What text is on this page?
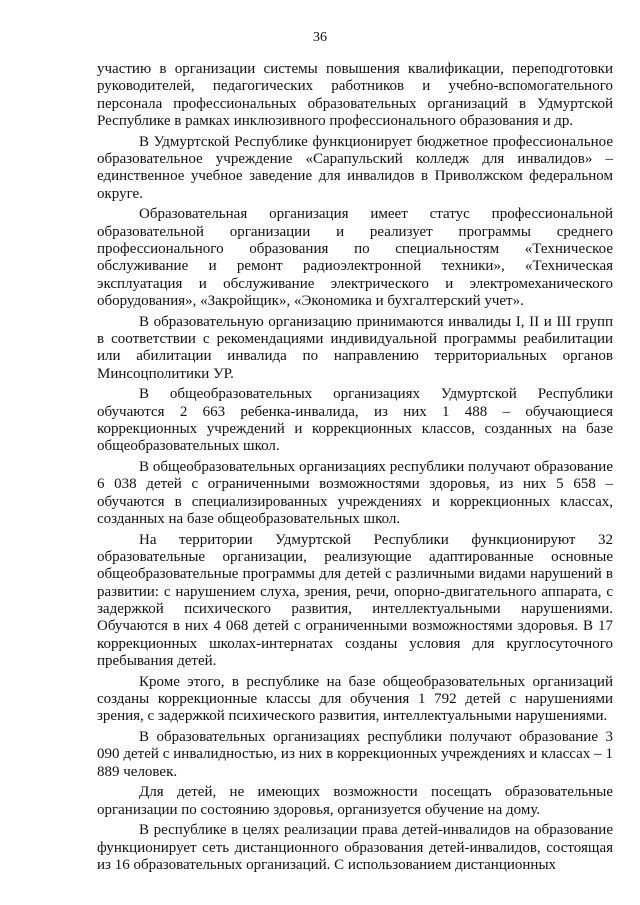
36

участию в организации системы повышения квалификации, переподготовки руководителей, педагогических работников и учебно-вспомогательного персонала профессиональных образовательных организаций в Удмуртской Республике в рамках инклюзивного профессионального образования и др.

В Удмуртской Республике функционирует бюджетное профессиональное образовательное учреждение «Сарапульский колледж для инвалидов» – единственное учебное заведение для инвалидов в Приволжском федеральном округе.

Образовательная организация имеет статус профессиональной образовательной организации и реализует программы среднего профессионального образования по специальностям «Техническое обслуживание и ремонт радиоэлектронной техники», «Техническая эксплуатация и обслуживание электрического и электромеханического оборудования», «Закройщик», «Экономика и бухгалтерский учет».

В образовательную организацию принимаются инвалиды I, II и III групп в соответствии с рекомендациями индивидуальной программы реабилитации или абилитации инвалида по направлению территориальных органов Минсоцполитики УР.

В общеобразовательных организациях Удмуртской Республики обучаются 2 663 ребенка-инвалида, из них 1 488 – обучающиеся коррекционных учреждений и коррекционных классов, созданных на базе общеобразовательных школ.

В общеобразовательных организациях республики получают образование 6 038 детей с ограниченными возможностями здоровья, из них 5 658 – обучаются в специализированных учреждениях и коррекционных классах, созданных на базе общеобразовательных школ.

На территории Удмуртской Республики функционируют 32 образовательные организации, реализующие адаптированные основные общеобразовательные программы для детей с различными видами нарушений в развитии: с нарушением слуха, зрения, речи, опорно-двигательного аппарата, с задержкой психического развития, интеллектуальными нарушениями. Обучаются в них 4 068 детей с ограниченными возможностями здоровья. В 17 коррекционных школах-интернатах созданы условия для круглосуточного пребывания детей.

Кроме этого, в республике на базе общеобразовательных организаций созданы коррекционные классы для обучения 1 792 детей с нарушениями зрения, с задержкой психического развития, интеллектуальными нарушениями.

В образовательных организациях республики получают образование 3 090 детей с инвалидностью, из них в коррекционных учреждениях и классах – 1 889 человек.

Для детей, не имеющих возможности посещать образовательные организации по состоянию здоровья, организуется обучение на дому.

В республике в целях реализации права детей-инвалидов на образование функционирует сеть дистанционного образования детей-инвалидов, состоящая из 16 образовательных организаций. С использованием дистанционных
